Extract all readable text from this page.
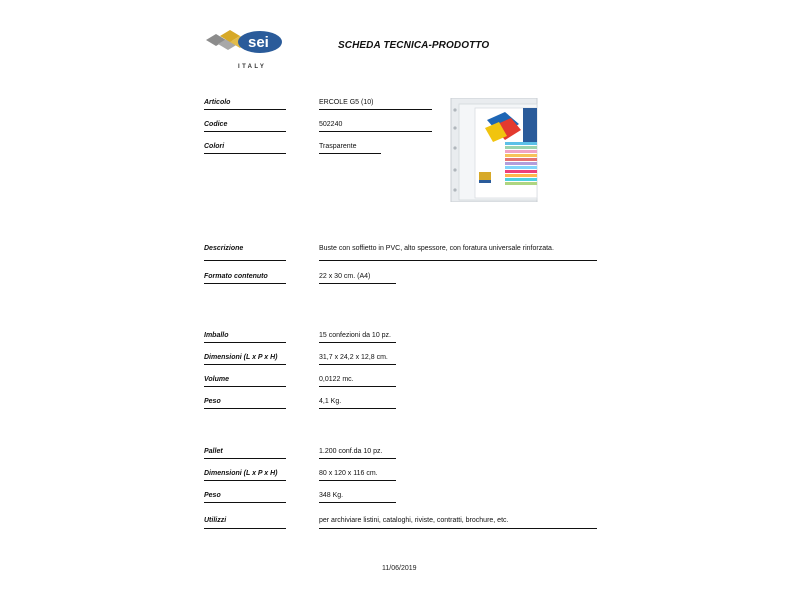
sei
ITALY
SCHEDA TECNICA-PRODOTTO
Articolo	ERCOLE G5 (10)
Codice	502240
Colori	Trasparente
Descrizione	Buste con soffietto in PVC, alto spessore, con foratura universale rinforzata.
Formato contenuto	22 x 30 cm. (A4)
Imballo	15 confezioni da 10 pz.
Dimensioni (L x P x H)	31,7 x 24,2 x 12,8 cm.
Volume	0,0122 mc.
Peso	4,1 Kg.
Pallet	1.200 conf.da 10 pz.
Dimensioni (L x P x H)	80 x 120 x 116 cm.
Peso	348 Kg.
Utilizzi	per archiviare listini, cataloghi, riviste, contratti, brochure, etc.
11/06/2019
